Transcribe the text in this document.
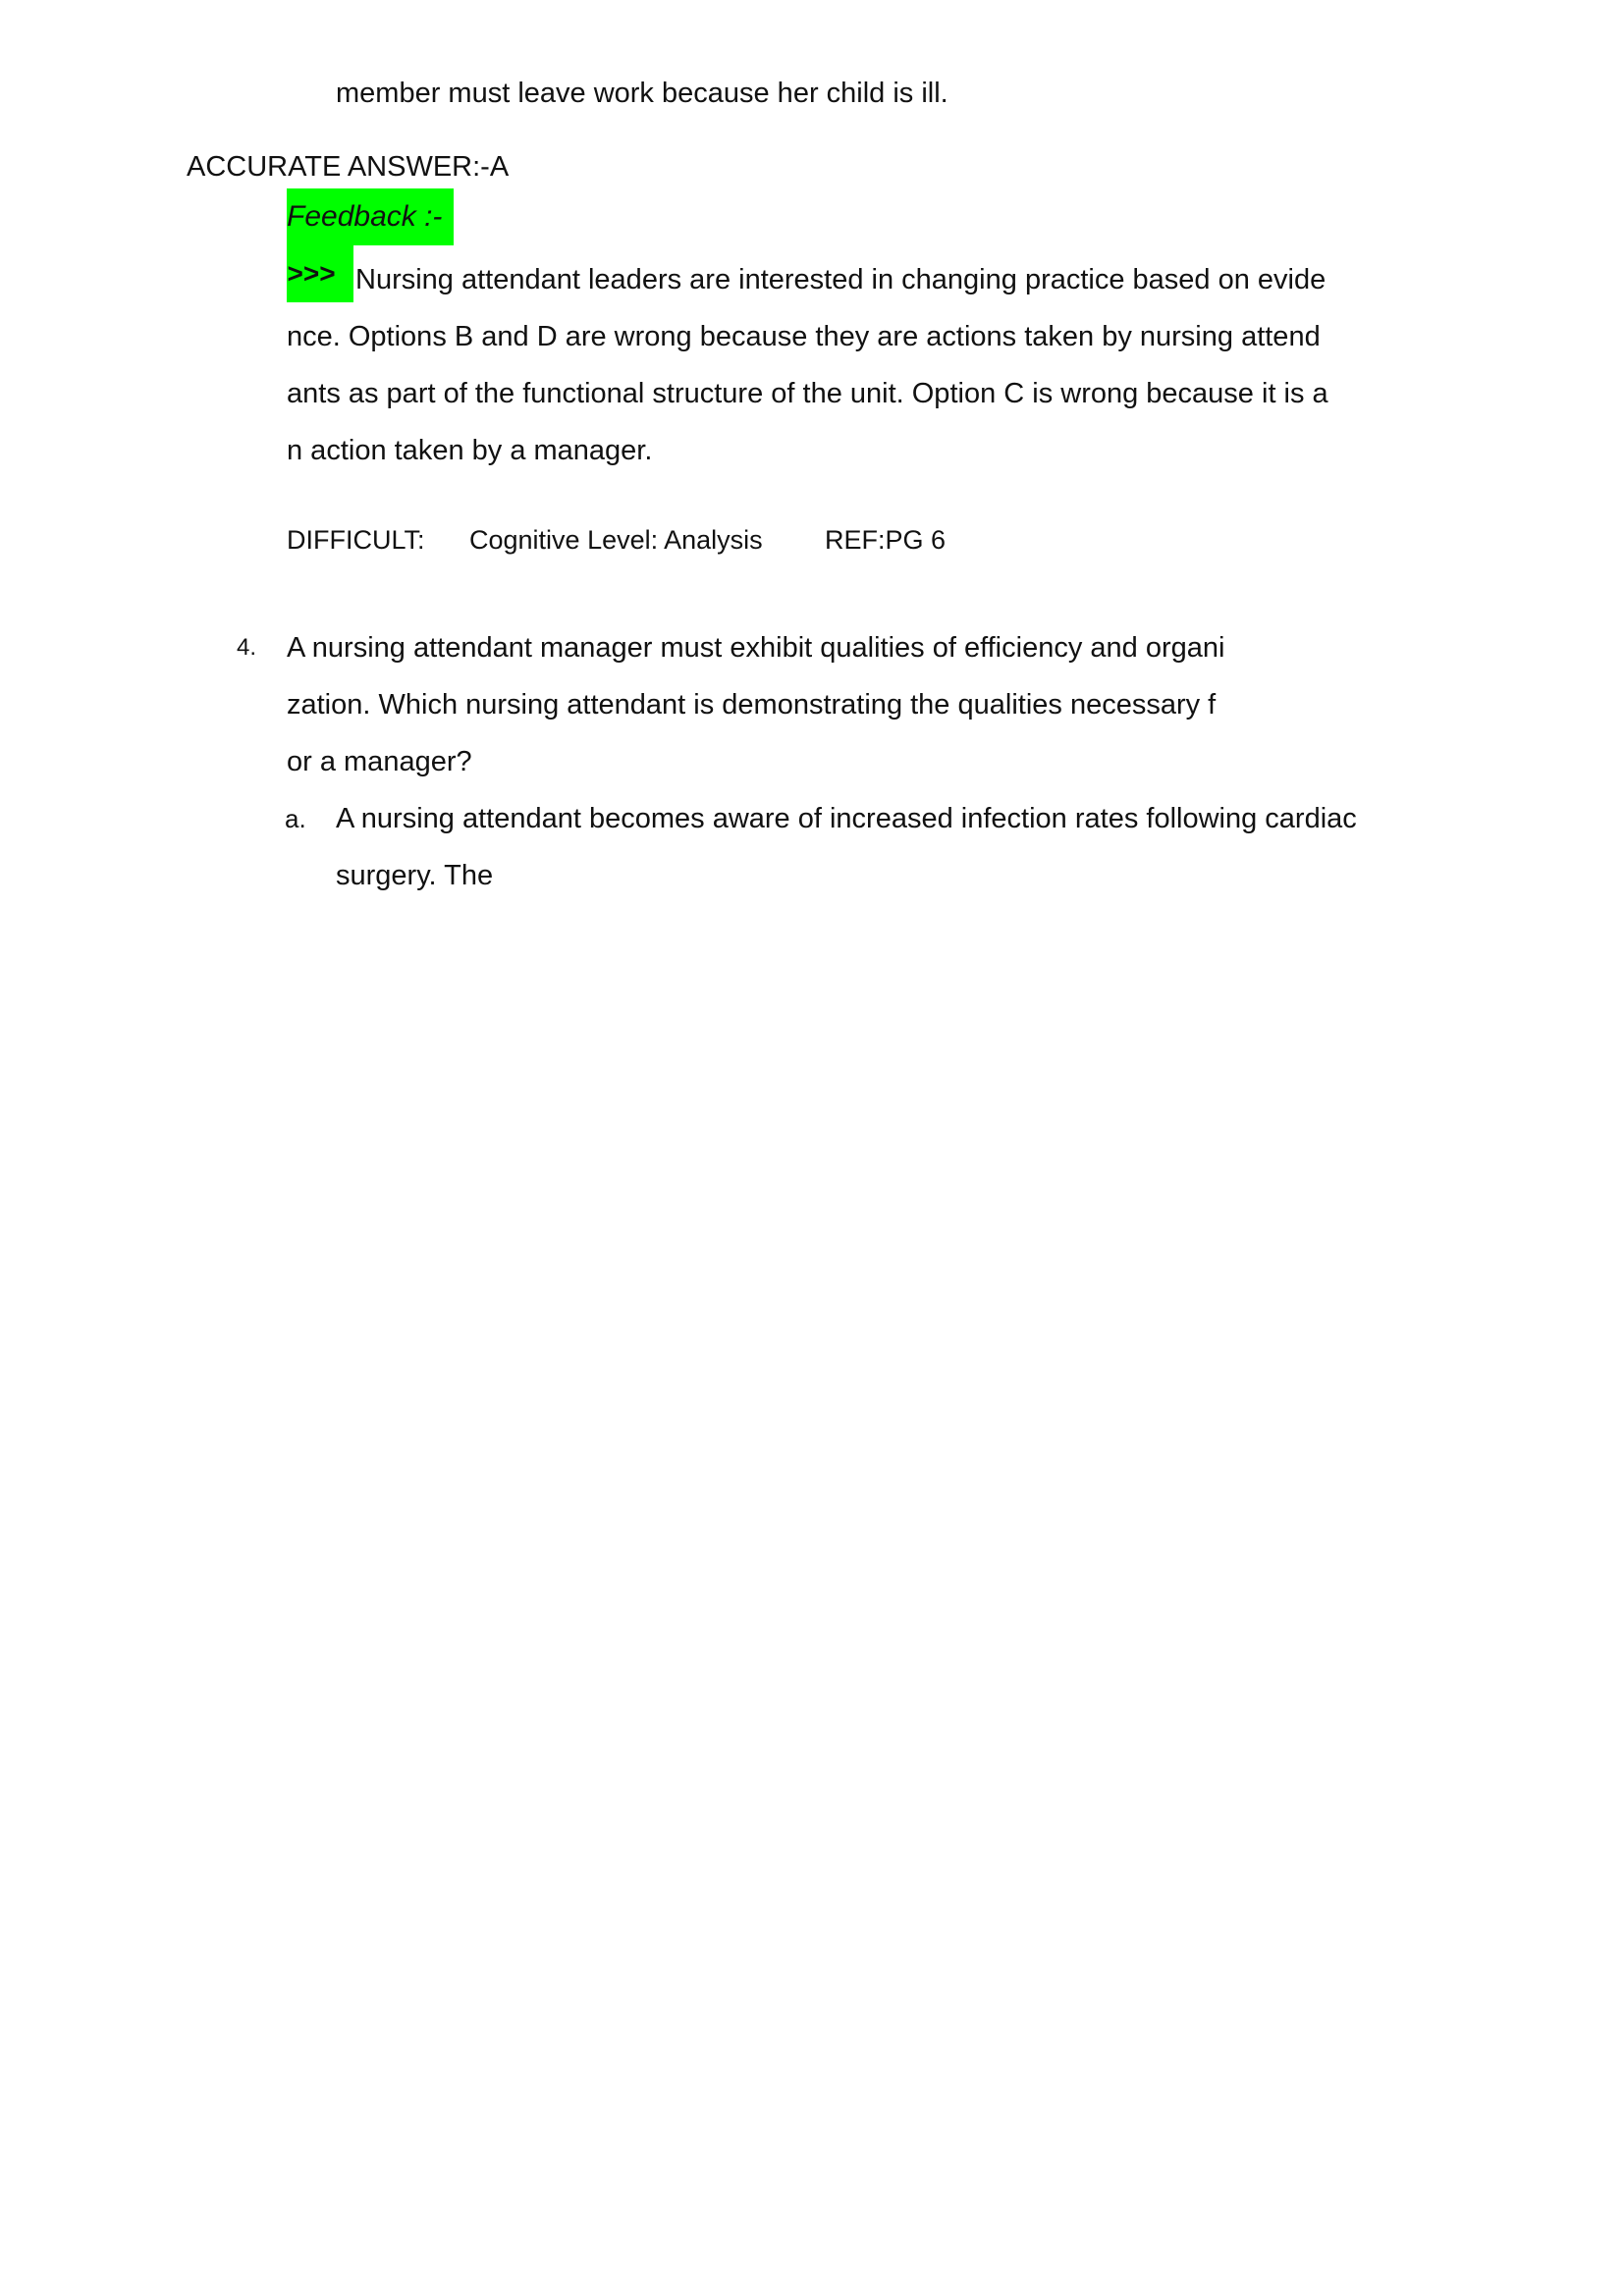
member must leave work because her child is ill.
ACCURATE ANSWER:-A
Feedback :-
>>> Nursing attendant leaders are interested in changing practice based on evide
nce. Options B and D are wrong because they are actions taken by nursing attend
ants as part of the functional structure of the unit. Option C is wrong because it is a
n action taken by a manager.
DIFFICULT: Cognitive Level: Analysis REF:PG 6
4. A nursing attendant manager must exhibit qualities of efficiency and organi
zation. Which nursing attendant is demonstrating the qualities necessary f
or a manager?
a. A nursing attendant becomes aware of increased infection rates following cardiac
surgery. The
